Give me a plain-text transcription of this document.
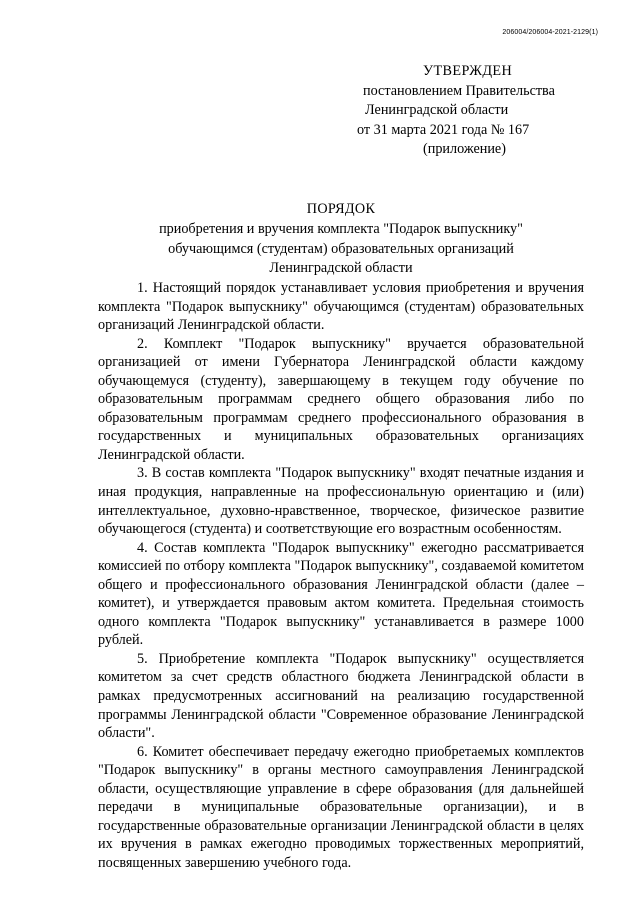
206004/206004-2021-2129(1)
УТВЕРЖДЕН
постановлением Правительства
Ленинградской области
от 31 марта 2021 года № 167
(приложение)
ПОРЯДОК
приобретения и вручения комплекта "Подарок выпускнику"
обучающимся (студентам) образовательных организаций
Ленинградской области

1. Настоящий порядок устанавливает условия приобретения и вручения комплекта "Подарок выпускнику" обучающимся (студентам) образовательных организаций Ленинградской области.

2. Комплект "Подарок выпускнику" вручается образовательной организацией от имени Губернатора Ленинградской области каждому обучающемуся (студенту), завершающему в текущем году обучение по образовательным программам среднего общего образования либо по образовательным программам среднего профессионального образования в государственных и муниципальных образовательных организациях Ленинградской области.

3. В состав комплекта "Подарок выпускнику" входят печатные издания и иная продукция, направленные на профессиональную ориентацию и (или) интеллектуальное, духовно-нравственное, творческое, физическое развитие обучающегося (студента) и соответствующие его возрастным особенностям.

4. Состав комплекта "Подарок выпускнику" ежегодно рассматривается комиссией по отбору комплекта "Подарок выпускнику", создаваемой комитетом общего и профессионального образования Ленинградской области (далее – комитет), и утверждается правовым актом комитета. Предельная стоимость одного комплекта "Подарок выпускнику" устанавливается в размере 1000 рублей.

5. Приобретение комплекта "Подарок выпускнику" осуществляется комитетом за счет средств областного бюджета Ленинградской области в рамках предусмотренных ассигнований на реализацию государственной программы Ленинградской области "Современное образование Ленинградской области".

6. Комитет обеспечивает передачу ежегодно приобретаемых комплектов "Подарок выпускнику" в органы местного самоуправления Ленинградской области, осуществляющие управление в сфере образования (для дальнейшей передачи в муниципальные образовательные организации), и в государственные образовательные организации Ленинградской области в целях их вручения в рамках ежегодно проводимых торжественных мероприятий, посвященных завершению учебного года.
